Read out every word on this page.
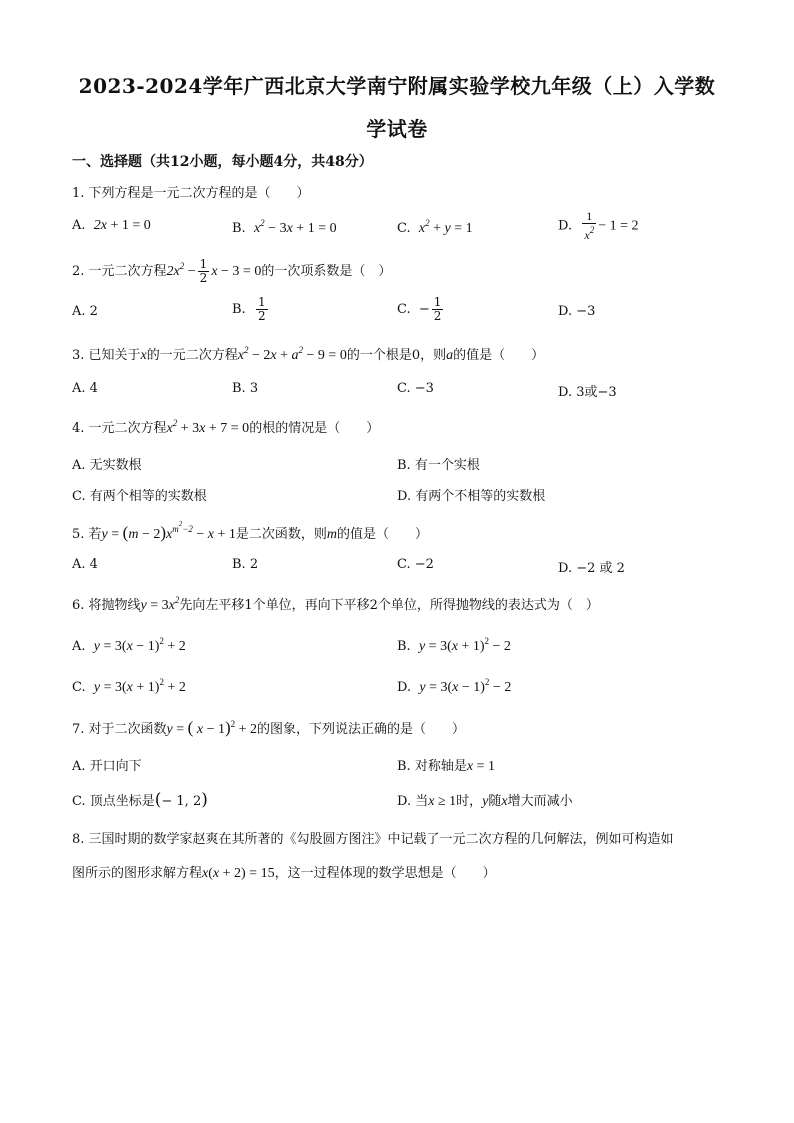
2023-2024学年广西北京大学南宁附属实验学校九年级（上）入学数
学试卷
一、选择题（共12小题，每小题4分，共48分）
1. 下列方程是一元二次方程的是（　　）
A. 2x + 1 = 0	B. $x^2 - 3x + 1 = 0$	C. $x^2 + y = 1$	D. $\frac{1}{x^2} - 1 = 2$
2. 一元二次方程$2x^2 - \frac{1}{2}$ x − 3 = 0的一次项系数是（　）
A. 2	B. $\frac{1}{2}$	C.  − $\frac{1}{2}$	D. −3
3. 已知关于x的一元二次方程$x^2 - 2x + a^2 - 9 = 0$的一个根是0，则a的值是（　　）
A. 4	B. 3	C. −3	D. 3或−3
4. 一元二次方程$x^2 + 3x + 7 = 0$的根的情况是（　　）
A. 无实数根	B. 有一个实根
C. 有两个相等的实数根	D. 有两个不相等的实数根
5. 若$y = (m - 2)x^{m^2-2} - x + 1$是二次函数，则m的值是（　　）
A. 4	B. 2	C. −2	D. −2 或 2
6. 将抛物线$y = 3x^2$先向左平移1个单位，再向下平移2个单位，所得抛物线的表达式为（　）
A. $y = 3(x - 1)^2 + 2$	B. $y = 3(x + 1)^2 - 2$
C. $y = 3(x + 1)^2 + 2$	D. $y = 3(x - 1)^2 - 2$
7. 对于二次函数y = ( x − 1)$^2$ + 2的图象，下列说法正确的是（　　）
A. 开口向下	B. 对称轴是x = 1
C. 顶点坐标是(− 1, 2)	D. 当x ≥ 1时，y随x增大而减小
8. 三国时期的数学家赵爽在其所著的《勾股圆方图注》中记载了一元二次方程的几何解法，例如可构造如
图所示的图形求解方程x(x + 2) = 15，这一过程体现的数学思想是（　　）
